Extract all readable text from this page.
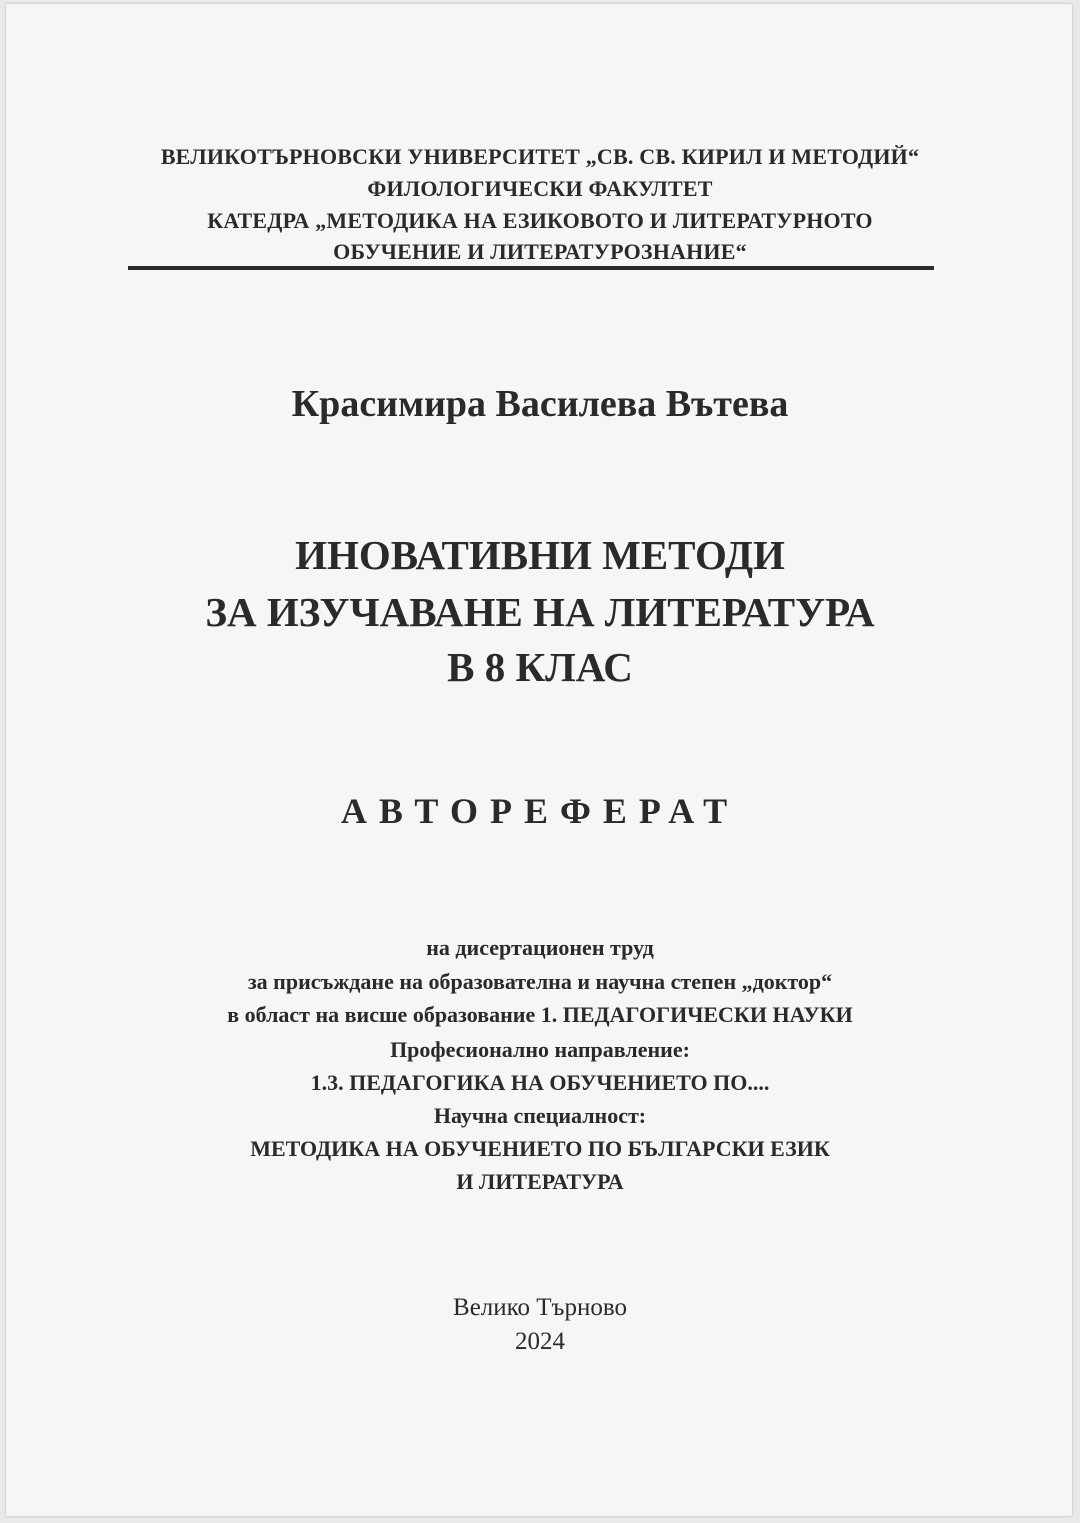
ВЕЛИКОТЪРНОВСКИ УНИВЕРСИТЕТ „СВ. СВ. КИРИЛ И МЕТОДИЙ“
ФИЛОЛОГИЧЕСКИ ФАКУЛТЕТ
КАТЕДРА „МЕТОДИКА НА ЕЗИКОВОТО И ЛИТЕРАТУРНОТО
ОБУЧЕНИЕ И ЛИТЕРАТУРОЗНАНИЕ“
Красимира Василева Вътева
ИНОВАТИВНИ МЕТОДИ
ЗА ИЗУЧАВАНЕ НА ЛИТЕРАТУРА
В 8 КЛАС
АВТОРЕФЕРАТ
на дисертационен труд
за присъждане на образователна и научна степен „доктор“
в област на висше образование 1. ПЕДАГОГИЧЕСКИ НАУКИ
Професионално направление:
1.3. ПЕДАГОГИКА НА ОБУЧЕНИЕТО ПО....
Научна специалност:
МЕТОДИКА НА ОБУЧЕНИЕТО ПО БЪЛГАРСКИ ЕЗИК
И ЛИТЕРАТУРА
Велико Търново
2024
